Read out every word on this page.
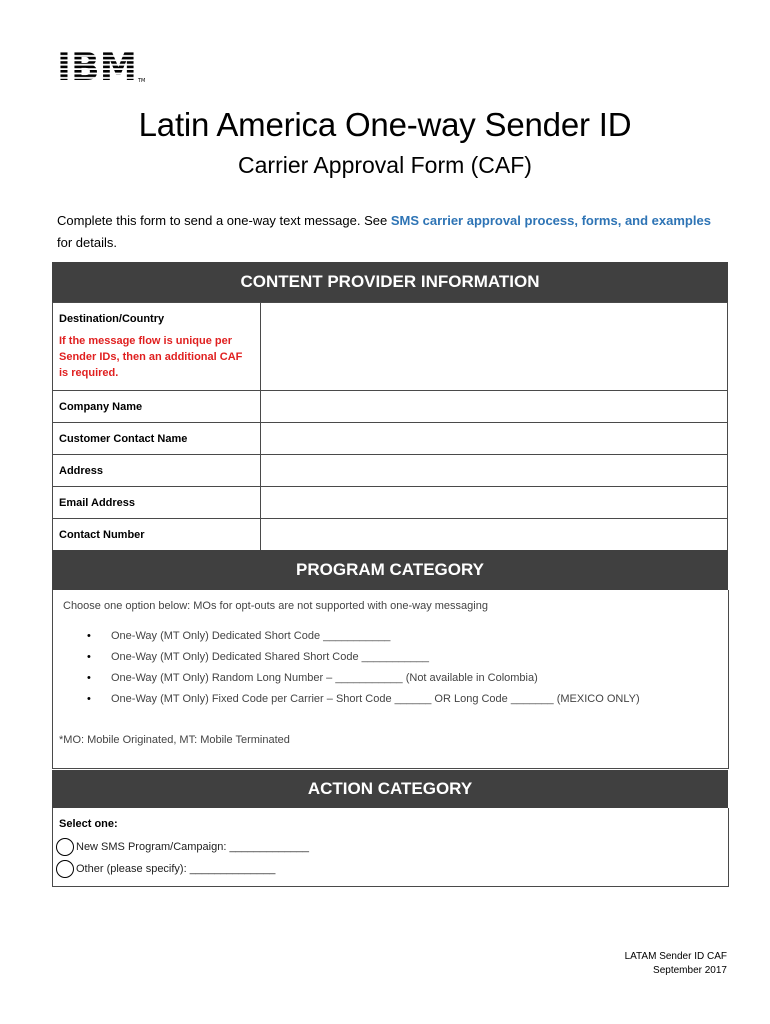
IBM TM
Latin America One-way Sender ID
Carrier Approval Form (CAF)
Complete this form to send a one-way text message. See SMS carrier approval process, forms, and examples for details.
CONTENT PROVIDER INFORMATION
Destination/Country
If the message flow is unique per Sender IDs, then an additional CAF is required.	

Company Name	
Customer Contact Name	
Address	
Email Address	
Contact Number	
PROGRAM CATEGORY
Choose one option below: MOs for opt-outs are not supported with one-way messaging
• One-Way (MT Only) Dedicated Short Code ___________
• One-Way (MT Only) Dedicated Shared Short Code ___________
• One-Way (MT Only) Random Long Number – ___________ (Not available in Colombia)
• One-Way (MT Only) Fixed Code per Carrier – Short Code ______ OR Long Code _______ (MEXICO ONLY)
*MO: Mobile Originated, MT: Mobile Terminated
ACTION CATEGORY
Select one:
New SMS Program/Campaign: _____________
Other (please specify): ______________
LATAM Sender ID CAF
September 2017
